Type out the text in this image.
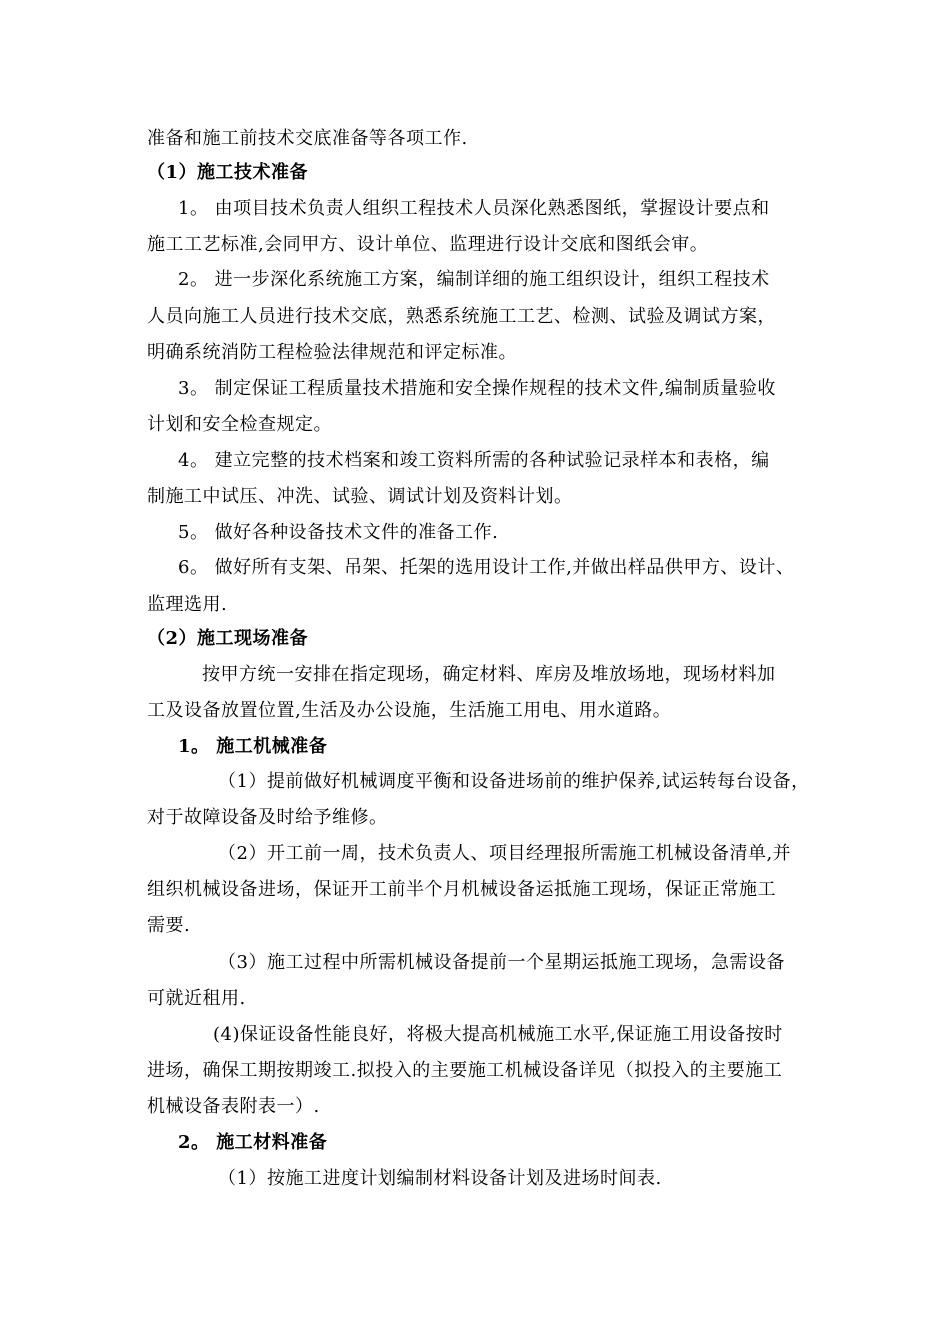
准备和施工前技术交底准备等各项工作.
（1）施工技术准备
1。 由项目技术负责人组织工程技术人员深化熟悉图纸，掌握设计要点和
施工工艺标准,会同甲方、设计单位、监理进行设计交底和图纸会审。
2。 进一步深化系统施工方案，编制详细的施工组织设计，组织工程技术
人员向施工人员进行技术交底，熟悉系统施工工艺、检测、试验及调试方案，
明确系统消防工程检验法律规范和评定标准。
3。 制定保证工程质量技术措施和安全操作规程的技术文件,编制质量验收
计划和安全检查规定。
4。 建立完整的技术档案和竣工资料所需的各种试验记录样本和表格，编
制施工中试压、冲洗、试验、调试计划及资料计划。
5。 做好各种设备技术文件的准备工作.
6。 做好所有支架、吊架、托架的选用设计工作,并做出样品供甲方、设计、
监理选用.
（2）施工现场准备
按甲方统一安排在指定现场，确定材料、库房及堆放场地，现场材料加
工及设备放置位置,生活及办公设施，生活施工用电、用水道路。
1。 施工机械准备
（1）提前做好机械调度平衡和设备进场前的维护保养,试运转每台设备，
对于故障设备及时给予维修。
（2）开工前一周，技术负责人、项目经理报所需施工机械设备清单,并
组织机械设备进场，保证开工前半个月机械设备运抵施工现场，保证正常施工
需要.
（3）施工过程中所需机械设备提前一个星期运抵施工现场，急需设备
可就近租用.
(4)保证设备性能良好，将极大提高机械施工水平,保证施工用设备按时
进场，确保工期按期竣工.拟投入的主要施工机械设备详见（拟投入的主要施工
机械设备表附表一）.
2。 施工材料准备
（1）按施工进度计划编制材料设备计划及进场时间表.
